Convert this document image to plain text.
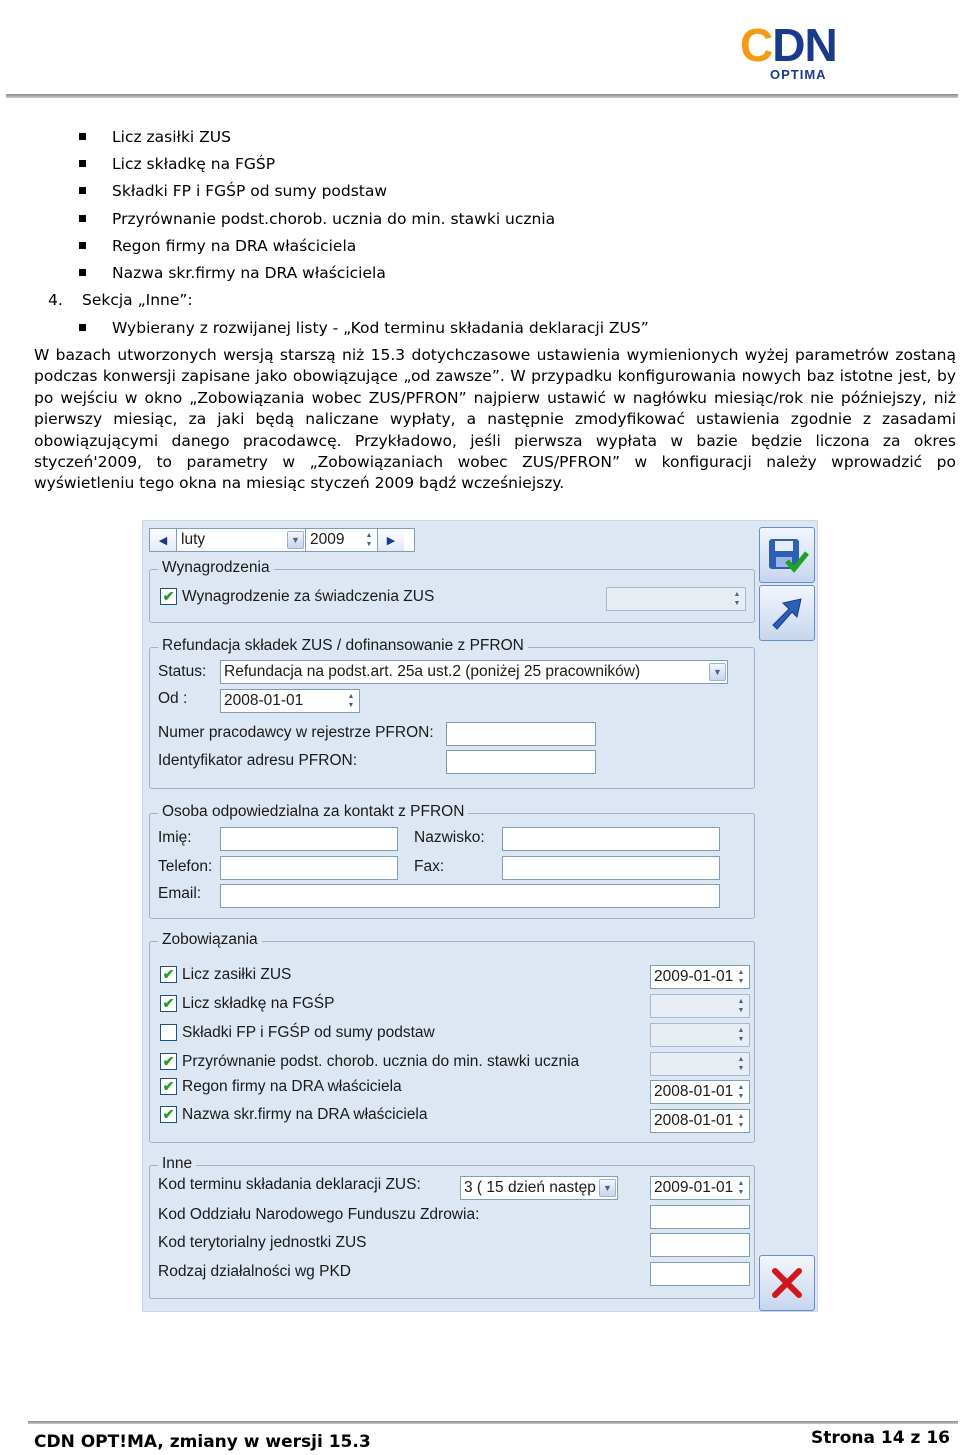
CDN
OPTIMA
Licz zasiłki ZUS
Licz składkę na FGŚP
Składki FP i FGŚP od sumy podstaw
Przyrównanie podst.chorob. ucznia do min. stawki ucznia
Regon firmy na DRA właściciela
Nazwa skr.firmy na DRA właściciela
4. Sekcja „Inne”:
Wybierany z rozwijanej listy - „Kod terminu składania deklaracji ZUS”
W bazach utworzonych wersją starszą niż 15.3 dotychczasowe ustawienia wymienionych wyżej parametrów zostaną podczas konwersji zapisane jako obowiązujące „od zawsze”. W przypadku konfigurowania nowych baz istotne jest, by po wejściu w okno „Zobowiązania wobec ZUS/PFRON” najpierw ustawić w nagłówku miesiąc/rok nie późniejszy, niż pierwszy miesiąc, za jaki będą naliczane wypłaty, a następnie zmodyfikować ustawienia zgodnie z zasadami obowiązującymi danego pracodawcę. Przykładowo, jeśli pierwsza wypłata w bazie będzie liczona za okres styczeń'2009, to parametry w „Zobowiązaniach wobec ZUS/PFRON” w konfiguracji należy wprowadzić po wyświetleniu tego okna na miesiąc styczeń 2009 bądź wcześniejszy.
◀ luty	▼ 2009	▲
▼	▶
Wynagrodzenia
✔ Wynagrodzenie za świadczenia ZUS	▲
▼
Refundacja składek ZUS / dofinansowanie z PFRON
Status: Refundacja na podst.art. 25a ust.2 (poniżej 25 pracowników)	▼
Od : 2008-01-01	▲
▼
Numer pracodawcy w rejestrze PFRON:
Identyfikator adresu PFRON:
Osoba odpowiedzialna za kontakt z PFRON
Imię:	Nazwisko:
Telefon:	Fax:
Email:
Zobowiązania
✔ Licz zasiłki ZUS	2009-01-01 ▲
▼
✔ Licz składkę na FGŚP	▲
▼
Składki FP i FGŚP od sumy podstaw	▲
▼
✔ Przyrównanie podst. chorob. ucznia do min. stawki ucznia	▲
▼
✔ Regon firmy na DRA właściciela	2008-01-01 ▲
▼
✔ Nazwa skr.firmy na DRA właściciela	2008-01-01 ▲
▼
Inne
Kod terminu składania deklaracji ZUS:	3 ( 15 dzień następ ▼	2009-01-01 ▲
▼
Kod Oddziału Narodowego Funduszu Zdrowia:
Kod terytorialny jednostki ZUS
Rodzaj działalności wg PKD
CDN OPT!MA, zmiany w wersji 15.3	Strona 14 z 16
